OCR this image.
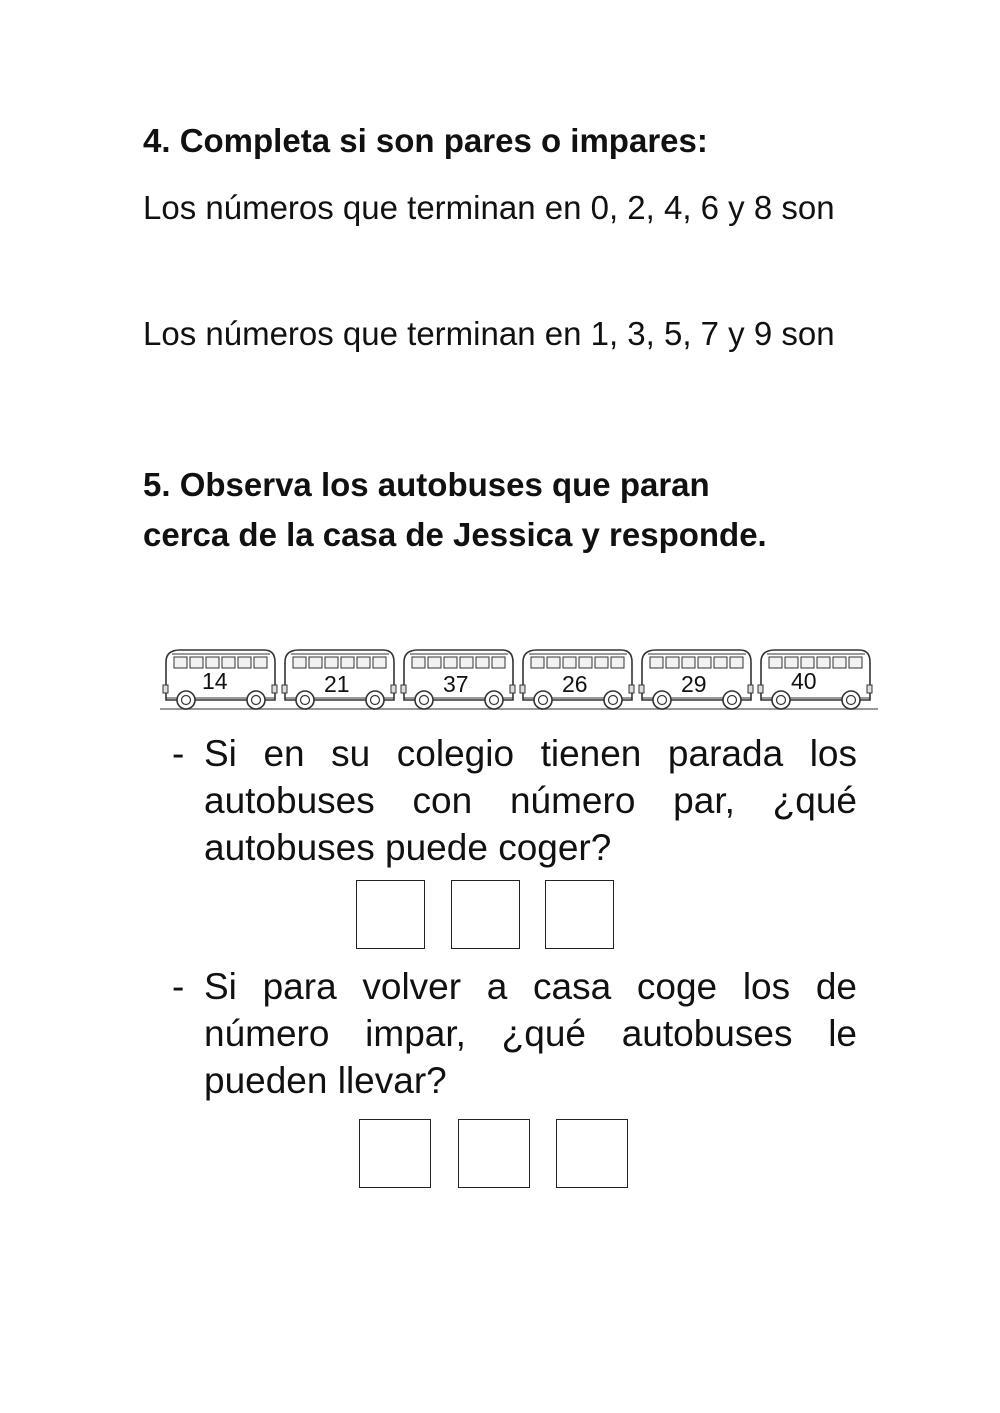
4. Completa si son pares o impares:

Los números que terminan en 0, 2, 4, 6 y 8 son

Los números que terminan en 1, 3, 5, 7 y 9 son

5. Observa los autobuses que paran
cerca de la casa de Jessica y responde.
14	21	37	26	29	40
- Si en su colegio tienen parada los autobuses con número par, ¿qué autobuses puede coger?
- Si para volver a casa coge los de número impar, ¿qué autobuses le pueden llevar?
